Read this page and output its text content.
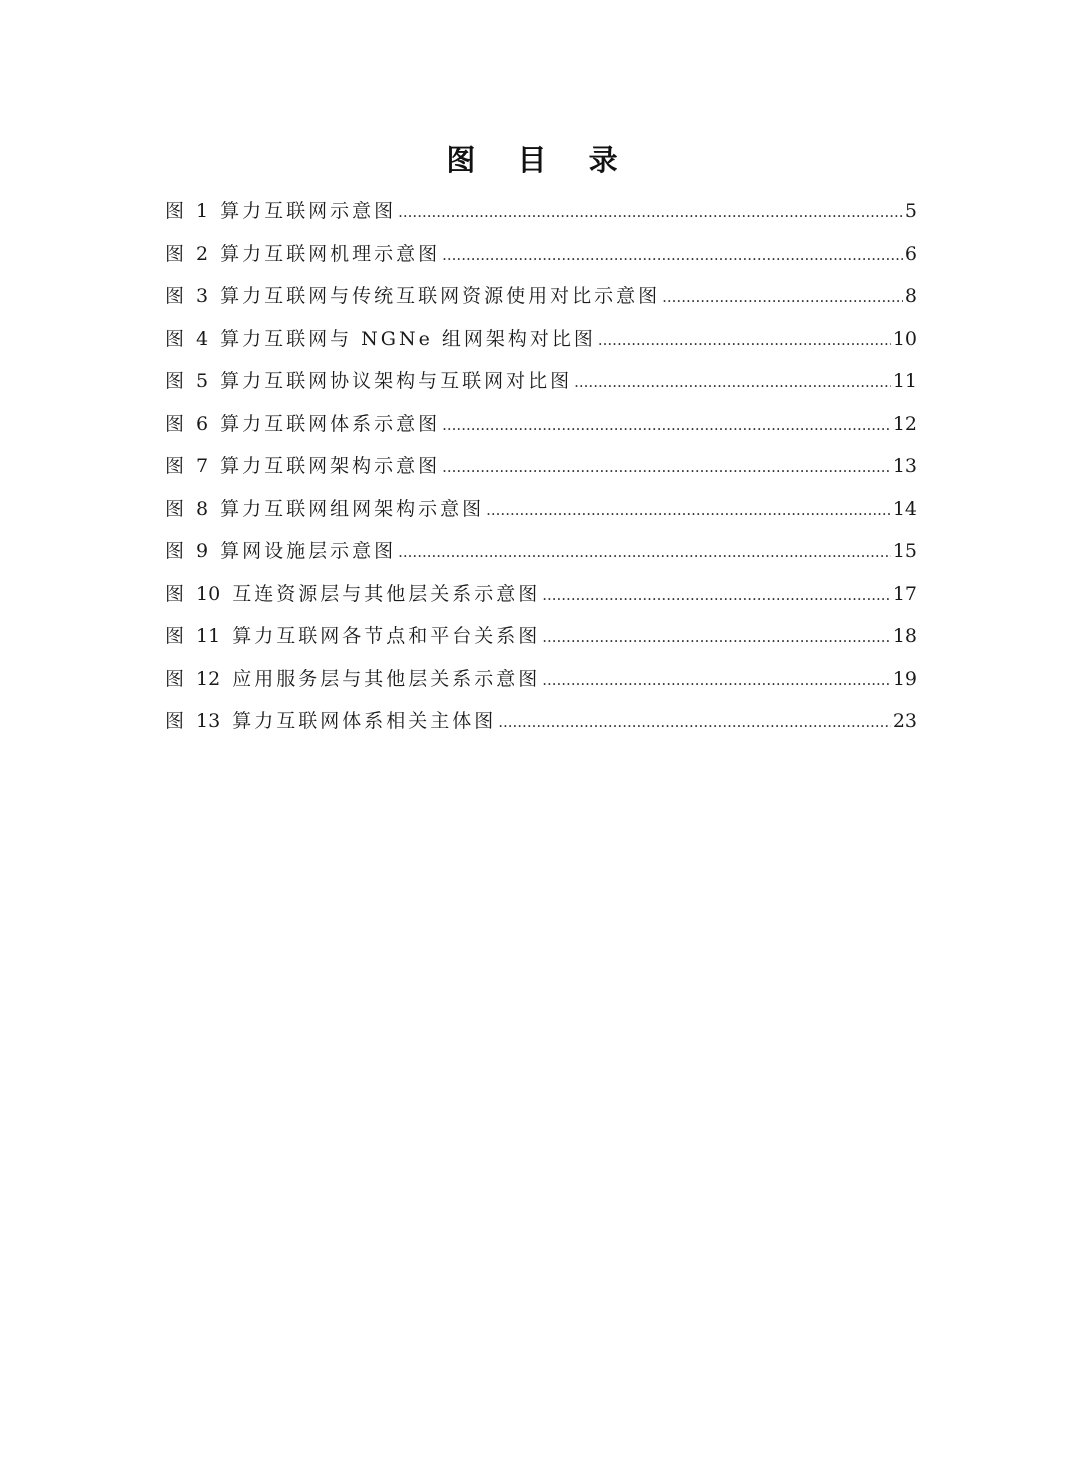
图 目 录
图 1 算力互联网示意图 .....	5
图 2 算力互联网机理示意图 .....	6
图 3 算力互联网与传统互联网资源使用对比示意图 .....	8
图 4 算力互联网与 NGNe 组网架构对比图 .....	10
图 5 算力互联网协议架构与互联网对比图 .....	11
图 6 算力互联网体系示意图 .....	12
图 7 算力互联网架构示意图 .....	13
图 8 算力互联网组网架构示意图 .....	14
图 9 算网设施层示意图 .....	15
图 10 互连资源层与其他层关系示意图 .....	17
图 11 算力互联网各节点和平台关系图 .....	18
图 12 应用服务层与其他层关系示意图 .....	19
图 13 算力互联网体系相关主体图 .....	23
